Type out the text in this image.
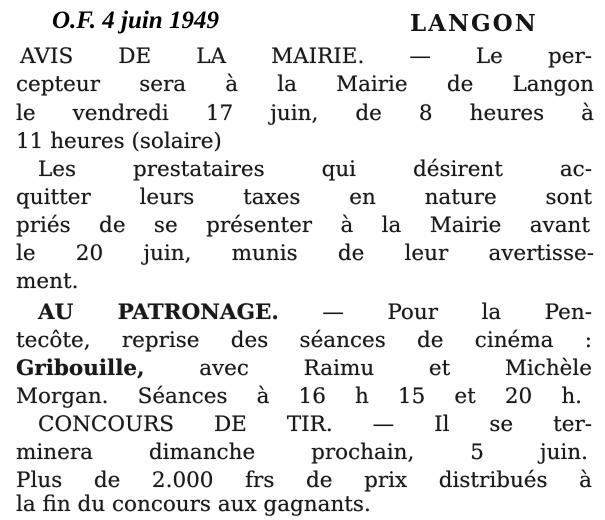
O.F. 4 juin 1949	LANGON
AVIS DE LA MAIRIE. — Le per-
cepteur sera à la Mairie de Langon
le vendredi 17 juin, de 8 heures à
11 heures (solaire)
Les prestataires qui désirent ac-
quitter leurs taxes en nature sont
priés de se présenter à la Mairie avant
le 20 juin, munis de leur avertisse-
ment.
AU PATRONAGE. — Pour la Pen-
tecôte, reprise des séances de cinéma :
Gribouille, avec Raimu et Michèle
Morgan. Séances à 16 h 15 et 20 h.
CONCOURS DE TIR. — Il se ter-
minera dimanche prochain, 5 juin.
Plus de 2.000 frs de prix distribués à
la fin du concours aux gagnants.
